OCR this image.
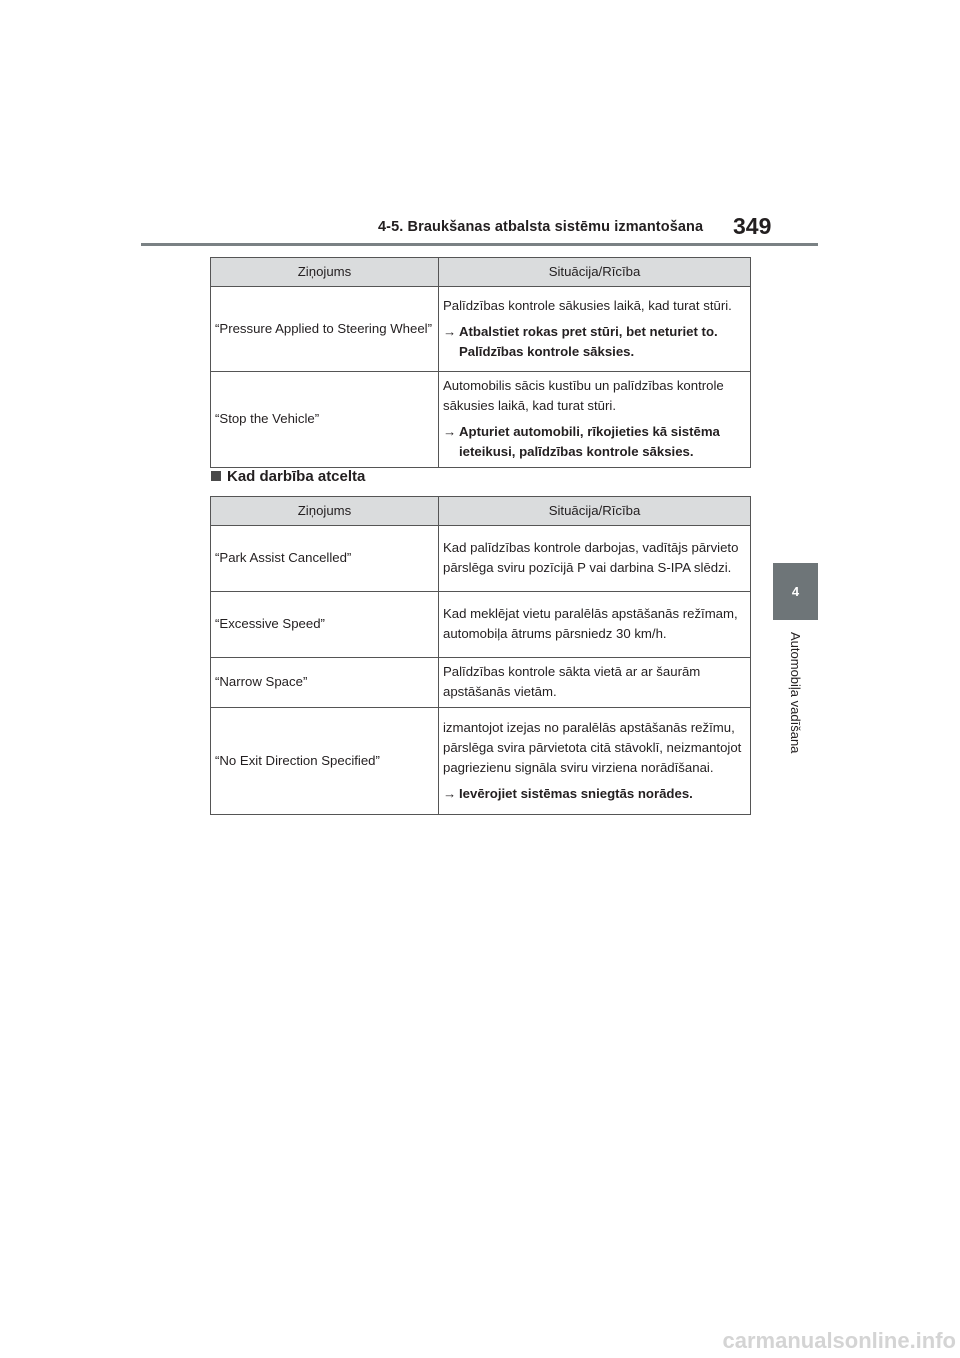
4-5. Braukšanas atbalsta sistēmu izmantošana 349
4
Automobiļa vadīšana
Ziņojums	Situācija/Rīcība
“Pressure Applied to Steering Wheel”	Palīdzības kontrole sākusies laikā, kad turat stūri.
→ Atbalstiet rokas pret stūri, bet neturiet to. Palīdzības kontrole sāksies.

“Stop the Vehicle”	Automobilis sācis kustību un palīdzības kontrole sākusies laikā, kad turat stūri.
→ Apturiet automobili, rīkojieties kā sistēma ieteikusi, palīdzības kontrole sāksies.
Kad darbība atcelta
Ziņojums	Situācija/Rīcība
“Park Assist Cancelled”	Kad palīdzības kontrole darbojas, vadītājs pārvieto pārslēga sviru pozīcijā P vai darbina S-IPA slēdzi.
“Excessive Speed”	Kad meklējat vietu paralēlās apstāšanās režīmam, automobiļa ātrums pārsniedz 30 km/h.
“Narrow Space”	Palīdzības kontrole sākta vietā ar ar šaurām apstāšanās vietām.
“No Exit Direction Specified”	izmantojot izejas no paralēlās apstāšanās režīmu, pārslēga svira pārvietota citā stāvoklī, neizmantojot pagriezienu signāla sviru virziena norādīšanai.
→ Ievērojiet sistēmas sniegtās norādes.
carmanualsonline.info
